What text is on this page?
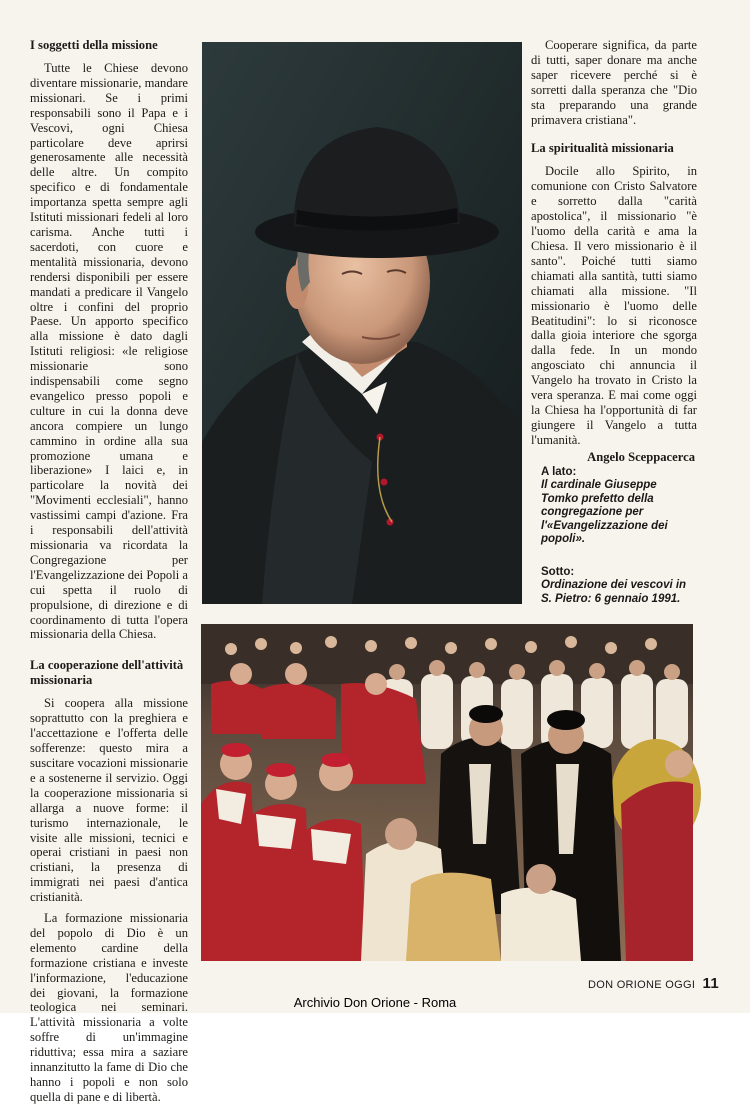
I soggetti della missione

Tutte le Chiese devono diventare missionarie, mandare missionari. Se i primi responsabili sono il Papa e i Vescovi, ogni Chiesa particolare deve aprirsi generosamente alle necessità delle altre. Un compito specifico e di fondamentale importanza spetta sempre agli Istituti missionari fedeli al loro carisma. Anche tutti i sacerdoti, con cuore e mentalità missionaria, devono rendersi disponibili per essere mandati a predicare il Vangelo oltre i confini del proprio Paese. Un apporto specifico alla missione è dato dagli Istituti religiosi: «le religiose missionarie sono indispensabili come segno evangelico presso popoli e culture in cui la donna deve ancora compiere un lungo cammino in ordine alla sua promozione umana e liberazione» I laici e, in particolare la novità dei "Movimenti ecclesiali", hanno vastissimi campi d'azione. Fra i responsabili dell'attività missionaria va ricordata la Congregazione per l'Evangelizzazione dei Popoli a cui spetta il ruolo di propulsione, di direzione e di coordinamento di tutta l'opera missionaria della Chiesa.

La cooperazione dell'attività missionaria

Si coopera alla missione soprattutto con la preghiera e l'accettazione e l'offerta delle sofferenze: questo mira a suscitare vocazioni missionarie e a sostenerne il servizio. Oggi la cooperazione missionaria si allarga a nuove forme: il turismo internazionale, le visite alle missioni, tecnici e operai cristiani in paesi non cristiani, la presenza di immigrati nei paesi d'antica cristianità.

La formazione missionaria del popolo di Dio è un elemento cardine della formazione cristiana e investe l'informazione, l'educazione dei giovani, la formazione teologica nei seminari. L'attività missionaria a volte soffre di un'immagine riduttiva; essa mira a saziare innanzitutto la fame di Dio che hanno i popoli e non solo quella di pane e di libertà.

Cooperare significa, da parte di tutti, saper donare ma anche saper ricevere perché si è sorretti dalla speranza che "Dio sta preparando una grande primavera cristiana".

La spiritualità missionaria

Docile allo Spirito, in comunione con Cristo Salvatore e sorretto dalla "carità apostolica", il missionario "è l'uomo della carità e ama la Chiesa. Il vero missionario è il santo". Poiché tutti siamo chiamati alla santità, tutti siamo chiamati alla missione. "Il missionario è l'uomo delle Beatitudini": lo si riconosce dalla gioia interiore che sgorga dalla fede. In un mondo angosciato chi annuncia il Vangelo ha trovato in Cristo la vera speranza. E mai come oggi la Chiesa ha l'opportunità di far giungere il Vangelo a tutta l'umanità.

Angelo Sceppacerca

A lato:
Il cardinale Giuseppe Tomko prefetto della congregazione per l'«Evangelizzazione dei popoli».
Sotto:
Ordinazione dei vescovi in S. Pietro: 6 gennaio 1991.
DON ORIONE OGGI 11
Archivio Don Orione - Roma
